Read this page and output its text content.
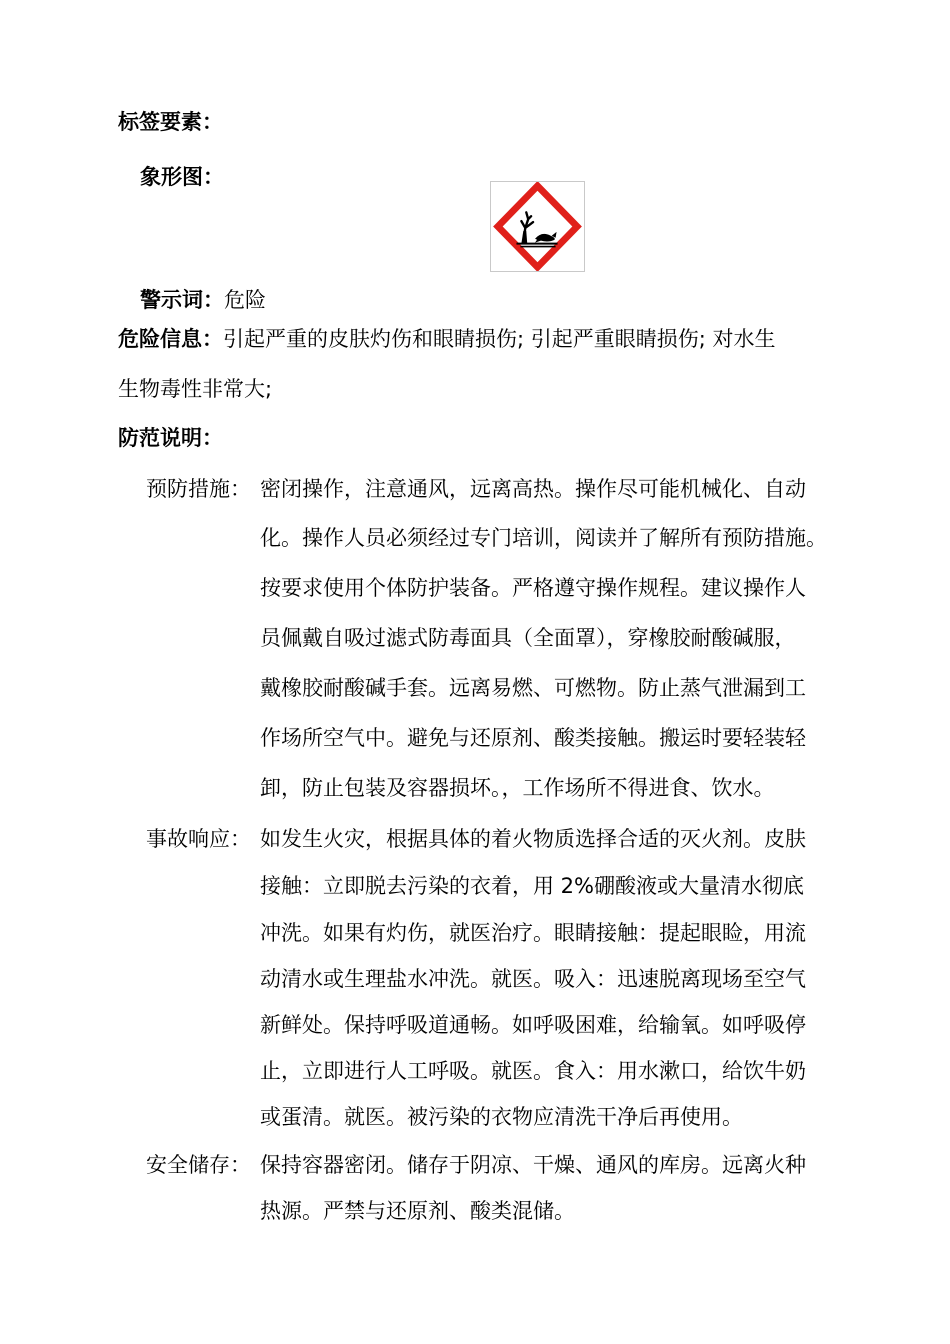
标签要素：
象形图：
警示词：危险
危险信息：引起严重的皮肤灼伤和眼睛损伤; 引起严重眼睛损伤; 对水生
生物毒性非常大;
防范说明：
预防措施： 密闭操作，注意通风，远离高热。操作尽可能机械化、自动
化。操作人员必须经过专门培训，阅读并了解所有预防措施。
按要求使用个体防护装备。严格遵守操作规程。建议操作人
员佩戴自吸过滤式防毒面具（全面罩），穿橡胶耐酸碱服，
戴橡胶耐酸碱手套。远离易燃、可燃物。防止蒸气泄漏到工
作场所空气中。避免与还原剂、酸类接触。搬运时要轻装轻
卸，防止包装及容器损坏。，工作场所不得进食、饮水。
事故响应： 如发生火灾，根据具体的着火物质选择合适的灭火剂。皮肤
接触：立即脱去污染的衣着，用 2%硼酸液或大量清水彻底
冲洗。如果有灼伤，就医治疗。眼睛接触：提起眼睑，用流
动清水或生理盐水冲洗。就医。吸入：迅速脱离现场至空气
新鲜处。保持呼吸道通畅。如呼吸困难，给输氧。如呼吸停
止，立即进行人工呼吸。就医。食入：用水漱口，给饮牛奶
或蛋清。就医。被污染的衣物应清洗干净后再使用。
安全储存： 保持容器密闭。储存于阴凉、干燥、通风的库房。远离火种
热源。严禁与还原剂、酸类混储。
